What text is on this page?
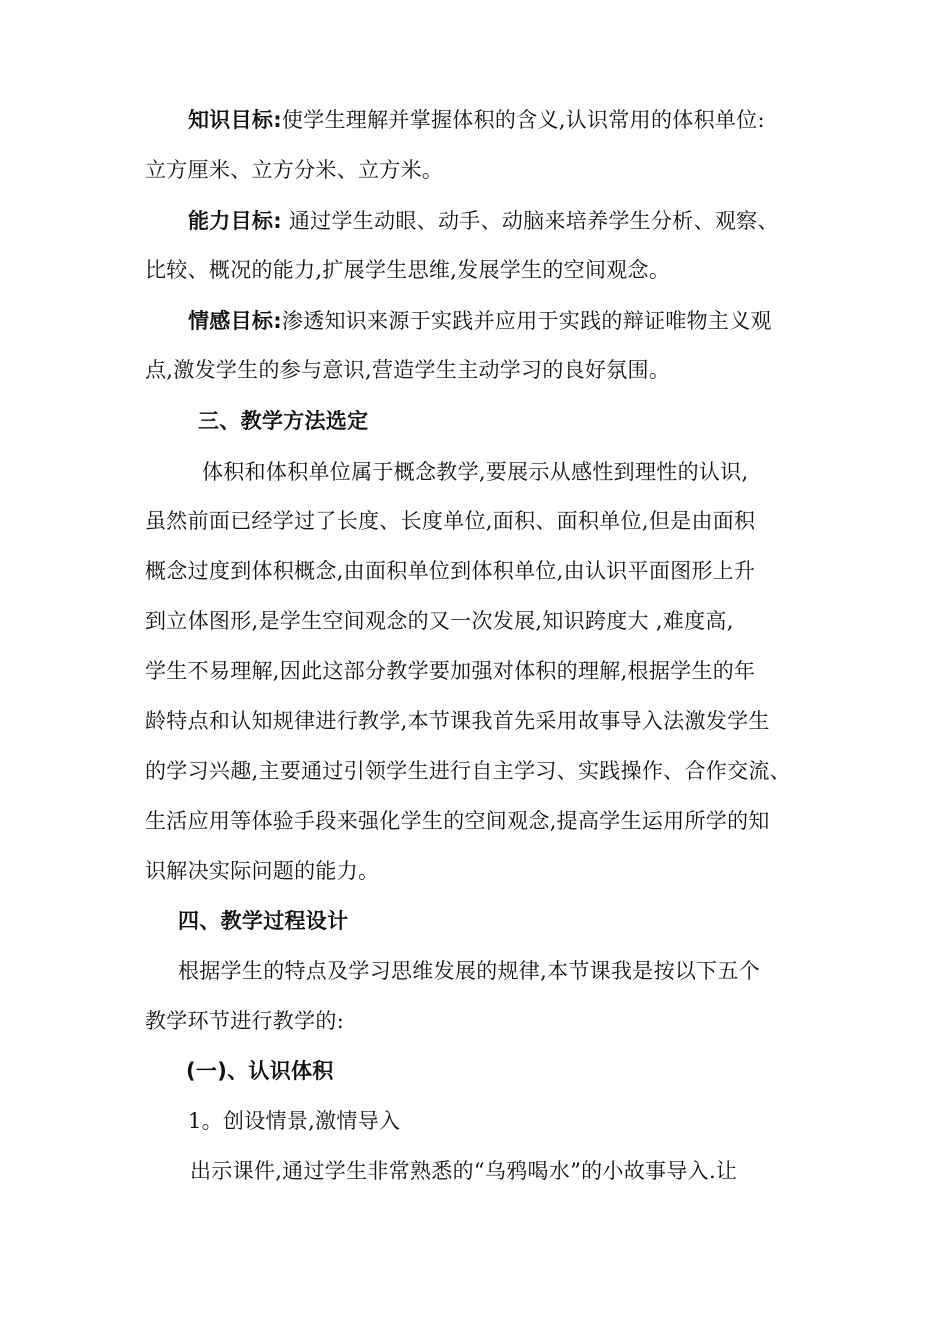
知识目标:使学生理解并掌握体积的含义,认识常用的体积单位:
立方厘米、立方分米、立方米。
能力目标: 通过学生动眼、动手、动脑来培养学生分析、观察、
比较、概况的能力,扩展学生思维,发展学生的空间观念。
情感目标:渗透知识来源于实践并应用于实践的辩证唯物主义观
点,激发学生的参与意识,营造学生主动学习的良好氛围。
三、教学方法选定
体积和体积单位属于概念教学,要展示从感性到理性的认识,
虽然前面已经学过了长度、长度单位,面积、面积单位,但是由面积
概念过度到体积概念,由面积单位到体积单位,由认识平面图形上升
到立体图形,是学生空间观念的又一次发展,知识跨度大 ,难度高,
学生不易理解,因此这部分教学要加强对体积的理解,根据学生的年
龄特点和认知规律进行教学,本节课我首先采用故事导入法激发学生
的学习兴趣,主要通过引领学生进行自主学习、实践操作、合作交流、
生活应用等体验手段来强化学生的空间观念,提高学生运用所学的知
识解决实际问题的能力。
四、教学过程设计
根据学生的特点及学习思维发展的规律,本节课我是按以下五个
教学环节进行教学的:
(一)、认识体积
1。创设情景,激情导入
出示课件,通过学生非常熟悉的“乌鸦喝水”的小故事导入.让
